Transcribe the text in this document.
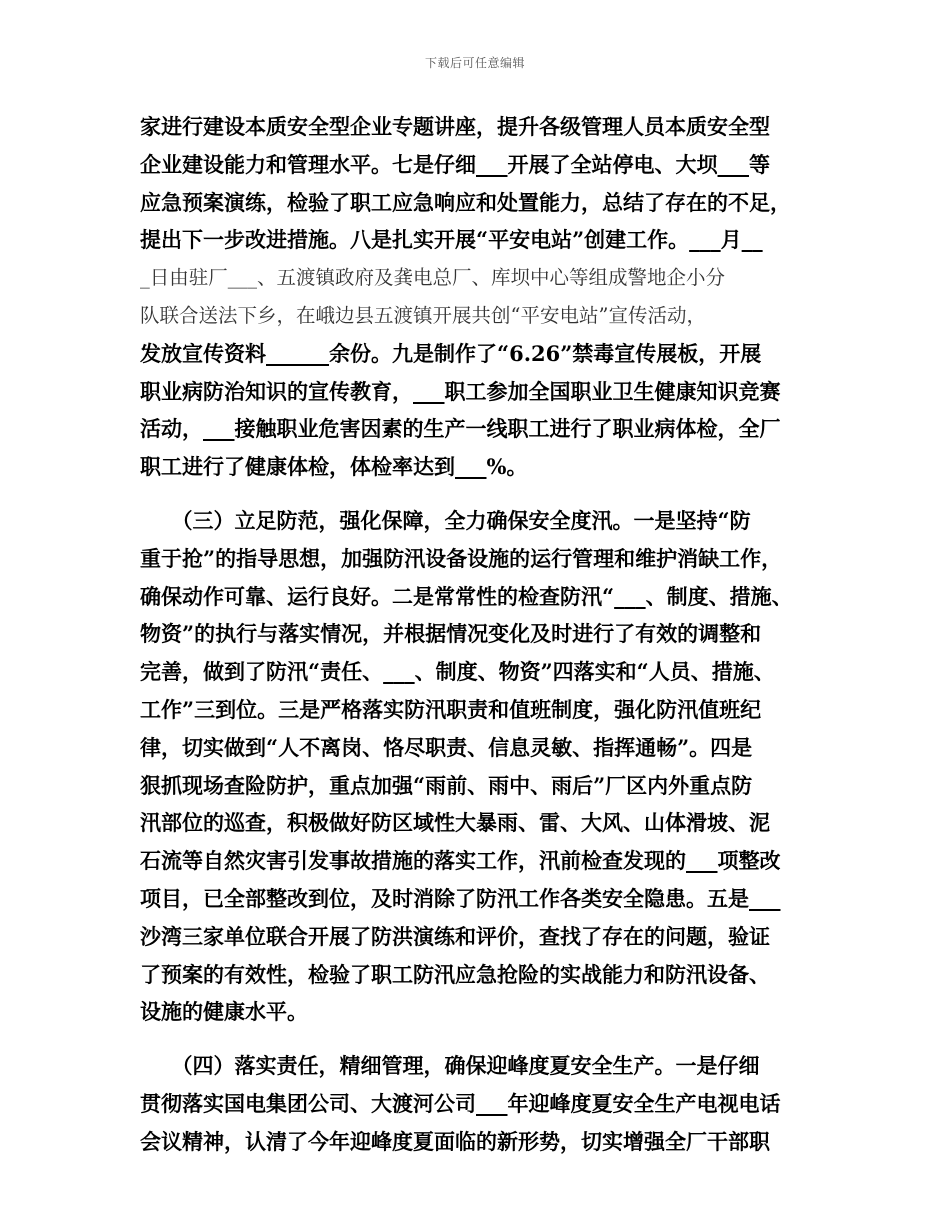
下载后可任意编辑
家进行建设本质安全型企业专题讲座，提升各级管理人员本质安全型
企业建设能力和管理水平。七是仔细___开展了全站停电、大坝___等
应急预案演练，检验了职工应急响应和处置能力，总结了存在的不足，
提出下一步改进措施。八是扎实开展“平安电站”创建工作。___月__
_日由驻厂___、五渡镇政府及龚电总厂、库坝中心等组成警地企小分
队联合送法下乡，在峨边县五渡镇开展共创“平安电站”宣传活动，
发放宣传资料______余份。九是制作了“6.26”禁毒宣传展板，开展
职业病防治知识的宣传教育，___职工参加全国职业卫生健康知识竞赛
活动，___接触职业危害因素的生产一线职工进行了职业病体检，全厂
职工进行了健康体检，体检率达到___%。
　　（三）立足防范，强化保障，全力确保安全度汛。一是坚持“防
重于抢”的指导思想，加强防汛设备设施的运行管理和维护消缺工作，
确保动作可靠、运行良好。二是常常性的检查防汛“___、制度、措施、
物资”的执行与落实情况，并根据情况变化及时进行了有效的调整和
完善，做到了防汛“责任、___、制度、物资”四落实和“人员、措施、
工作”三到位。三是严格落实防汛职责和值班制度，强化防汛值班纪
律，切实做到“人不离岗、恪尽职责、信息灵敏、指挥通畅”。四是
狠抓现场查险防护，重点加强“雨前、雨中、雨后”厂区内外重点防
汛部位的巡查，积极做好防区域性大暴雨、雷、大风、山体滑坡、泥
石流等自然灾害引发事故措施的落实工作，汛前检查发现的___项整改
项目，已全部整改到位，及时消除了防汛工作各类安全隐患。五是___
沙湾三家单位联合开展了防洪演练和评价，查找了存在的问题，验证
了预案的有效性，检验了职工防汛应急抢险的实战能力和防汛设备、
设施的健康水平。
　　（四）落实责任，精细管理，确保迎峰度夏安全生产。一是仔细
贯彻落实国电集团公司、大渡河公司___年迎峰度夏安全生产电视电话
会议精神，认清了今年迎峰度夏面临的新形势，切实增强全厂干部职
